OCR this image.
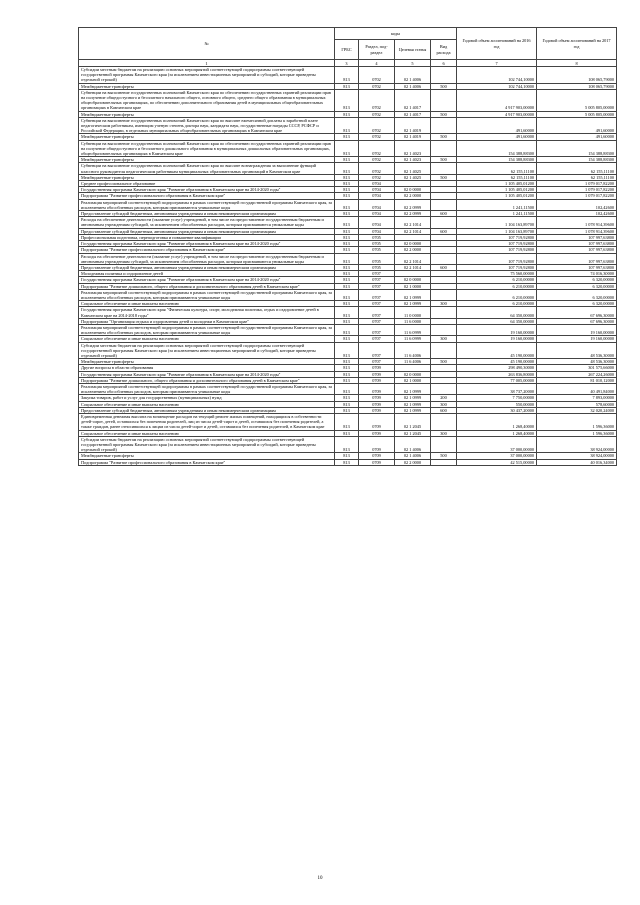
№	коды				Годовой объем ассигнований на 2016 год	Годовой объем ассигнований на 2017 год
	ГРБС	Раздел, под-раздел	Целевая статья	Вид расхода		
1	3	4	5	6	7	8
Субсидии местным бюджетам на реализацию основных мероприятий соответствующей подпрограммы соответствующей государственной программы Камчатского края (за исключением инвестиционных мероприятий и субсидий, которые приведены отдельной строкой)	813	0702	02 1 4006		102 744,10000	108 065,79000
Межбюджетные трансферты	813	0702	02 1 4006	500	102 744,10000	108 065,79000
Субвенции на выполнение государственных полномочий Камчатского края по обеспечению государственных гарантий реализации прав на получение общедоступного и бесплатного начального общего, основного общего, среднего общего образования в муниципальных общеобразовательных организациях, по обеспечению дополнительного образования детей в муниципальных общеобразовательных организациях в Камчатском крае	813	0702	02 1 4017		4 917 903,00000	5 005 805,00000
Межбюджетные трансферты	813	0702	02 1 4017	500	4 917 903,00000	5 005 805,00000
Субвенции на выполнение государственных полномочий Камчатского края по выплате ежемесячной доплаты к заработной плате педагогическим работникам, имеющим ученую степень доктора наук, кандидата наук, государственные награды СССР, РСФСР и Российской Федерации, в отдельных муниципальных общеобразовательных организациях в Камчатском крае	813	0702	02 1 4019		491,60000	491,60000
Межбюджетные трансферты	813	0702	02 1 4019	500	491,60000	491,60000
Субвенции на выполнение государственных полномочий Камчатского края по обеспечению государственных гарантий реализации прав на получение общедоступного и бесплатного дошкольного образования в муниципальных дошкольных образовательных организациях, общеобразовательных организациях в Камчатском крае	813	0702	02 1 4023		154 388,88300	154 388,88300
Межбюджетные трансферты	813	0702	02 1 4023	500	154 388,88300	154 388,88300
Субвенции на выполнение государственных полномочий Камчатского края по выплате вознаграждения за выполнение функций классного руководителя педагогическим работникам муниципальных образовательных организаций в Камчатском крае	813	0702	02 1 4025		62 155,11100	62 155,11100
Межбюджетные трансферты	813	0702	02 1 4025	500	62 155,11100	62 155,11100
Среднее профессиональное образование	813	0704			1 105 405,01200	1 079 017,82200
Государственная программа Камчатского края "Развитие образования в Камчатском крае на 2014-2020 годы"	813	0704	02 0 0000		1 105 405,01200	1 079 017,82200
Подпрограмма "Развитие профессионального образования в Камчатском крае"	813	0704	02 2 0000		1 105 405,01200	1 079 017,82200
Реализация мероприятий соответствующей подпрограммы в рамках соответствующей государственной программы Камчатского края, за исключением обособленных расходов, которым присваиваются уникальные коды	813	0704	02 2 0999		1 241,11500	102,42600
Предоставление субсидий бюджетным, автономным учреждениям и иным некоммерческим организациям	813	0704	02 2 0999	600	1 241,11500	102,42600
Расходы на обеспечение деятельности (оказание услуг) учреждений, в том числе на предоставление государственным бюджетным и автономным учреждениям субсидий, за исключением обособленных расходов, которым присваиваются уникальные коды	813	0704	02 2 1014		1 104 163,89700	1 078 914,39600
Предоставление субсидий бюджетным, автономным учреждениям и иным некоммерческим организациям	813	0704	02 2 1014	600	1 104 163,89700	1 078 914,39600
Профессиональная подготовка, переподготовка и повышение квалификации	813	0705			107 719,92800	107 997,63800
Государственная программа Камчатского края "Развитие образования в Камчатском крае на 2014-2020 годы"	813	0705	02 0 0000		107 719,92800	107 997,63800
Подпрограмма "Развитие профессионального образования в Камчатском крае"	813	0705	02 2 0000		107 719,92800	107 997,63800
Расходы на обеспечение деятельности (оказание услуг) учреждений, в том числе на предоставление государственным бюджетным и автономным учреждениям субсидий, за исключением обособленных расходов, которым присваиваются уникальные коды	813	0705	02 2 1014		107 719,92800	107 997,63800
Предоставление субсидий бюджетным, автономным учреждениям и иным некоммерческим организациям	813	0705	02 2 1014	600	107 719,92800	107 997,63800
Молодежная политика и оздоровление детей	813	0707			75 560,00000	74 016,30000
Государственная программа Камчатского края "Развитие образования в Камчатском крае на 2014-2020 годы"	813	0707	02 0 0000		6 210,00000	6 320,00000
Подпрограмма "Развитие дошкольного, общего образования и дополнительного образования детей в Камчатском крае"	813	0707	02 1 0000		6 210,00000	6 320,00000
Реализация мероприятий соответствующей подпрограммы в рамках соответствующей государственной программы Камчатского края, за исключением обособленных расходов, которым присваиваются уникальные коды	813	0707	02 1 0999		6 210,00000	6 320,00000
Социальное обеспечение и иные выплаты населению	813	0707	02 1 0999	300	6 210,00000	6 320,00000
Государственная программа Камчатского края "Физическая культура, спорт, молодежная политика, отдых и оздоровление детей в Камчатском крае на 2014-2018 годы"	813	0707	11 0 0000		64 350,00000	67 696,30000
Подпрограмма "Организация отдыха и оздоровления детей и молодежи в Камчатском крае"	813	0707	11 6 0000		64 350,00000	67 696,30000
Реализация мероприятий соответствующей подпрограммы в рамках соответствующей государственной программы Камчатского края, за исключением обособленных расходов, которым присваиваются уникальные коды	813	0707	11 6 0999		19 160,00000	19 160,00000
Социальное обеспечение и иные выплаты населению	813	0707	11 6 0999	300	19 160,00000	19 160,00000
Субсидии местным бюджетам на реализацию основных мероприятий соответствующей подпрограммы соответствующей государственной программы Камчатского края (за исключением инвестиционных мероприятий и субсидий, которые приведены отдельной строкой)	813	0707	11 6 4006		45 190,00000	48 536,30000
Межбюджетные трансферты	813	0707	11 6 4006	500	45 190,00000	48 536,30000
Другие вопросы в области образования	813	0709			298 490,30000	301 575,66000
Государственная программа Камчатского края "Развитие образования в Камчатском крае на 2014-2020 годы"	813	0709	02 0 0000		263 836,80000	267 224,26000
Подпрограмма "Развитие дошкольного, общего образования и дополнительного образования детей в Камчатском крае"	813	0709	02 1 0000		77 005,00000	81 010,12000
Реализация мероприятий соответствующей подпрограммы в рамках соответствующей государственной программы Камчатского края, за исключением обособленных расходов, которым присваиваются уникальные коды	813	0709	02 1 0999		38 737,20000	40 491,84000
Закупка товаров, работ и услуг для государственных (муниципальных) нужд	813	0709	02 1 0999	200	7 750,00000	7 893,00000
Социальное обеспечение и иные выплаты населению	813	0709	02 1 0999	300	550,00000	578,60000
Предоставление субсидий бюджетным, автономным учреждениям и иным некоммерческим организациям	813	0709	02 1 0999	600	30 437,20000	32 020,24000
Единовременная денежная выплата на возмещение расходов на текущий ремонт жилых помещений, находящихся в собственности детей-сирот, детей, оставшихся без попечения родителей, лиц из числа детей-сирот и детей, оставшихся без попечения родителей, а также граждан, ранее относившихся к лицам из числа детей-сирот и детей, оставшихся без попечения родителей, в Камчатском крае	813	0709	02 1 2045		1 268,40000	1 596,36000
Социальное обеспечение и иные выплаты населению	813	0709	02 1 2045	300	1 268,40000	1 596,36000
Субсидии местным бюджетам на реализацию основных мероприятий соответствующей подпрограммы соответствующей государственной программы Камчатского края (за исключением инвестиционных мероприятий и субсидий, которые приведены отдельной строкой)	813	0709	02 1 4006		37 000,00000	38 924,00000
Межбюджетные трансферты	813	0709	02 1 4006	500	37 000,00000	38 924,00000
Подпрограмма "Развитие профессионального образования в Камчатском крае"	813	0709	02 2 0000		42 515,00000	40 016,34000
10
